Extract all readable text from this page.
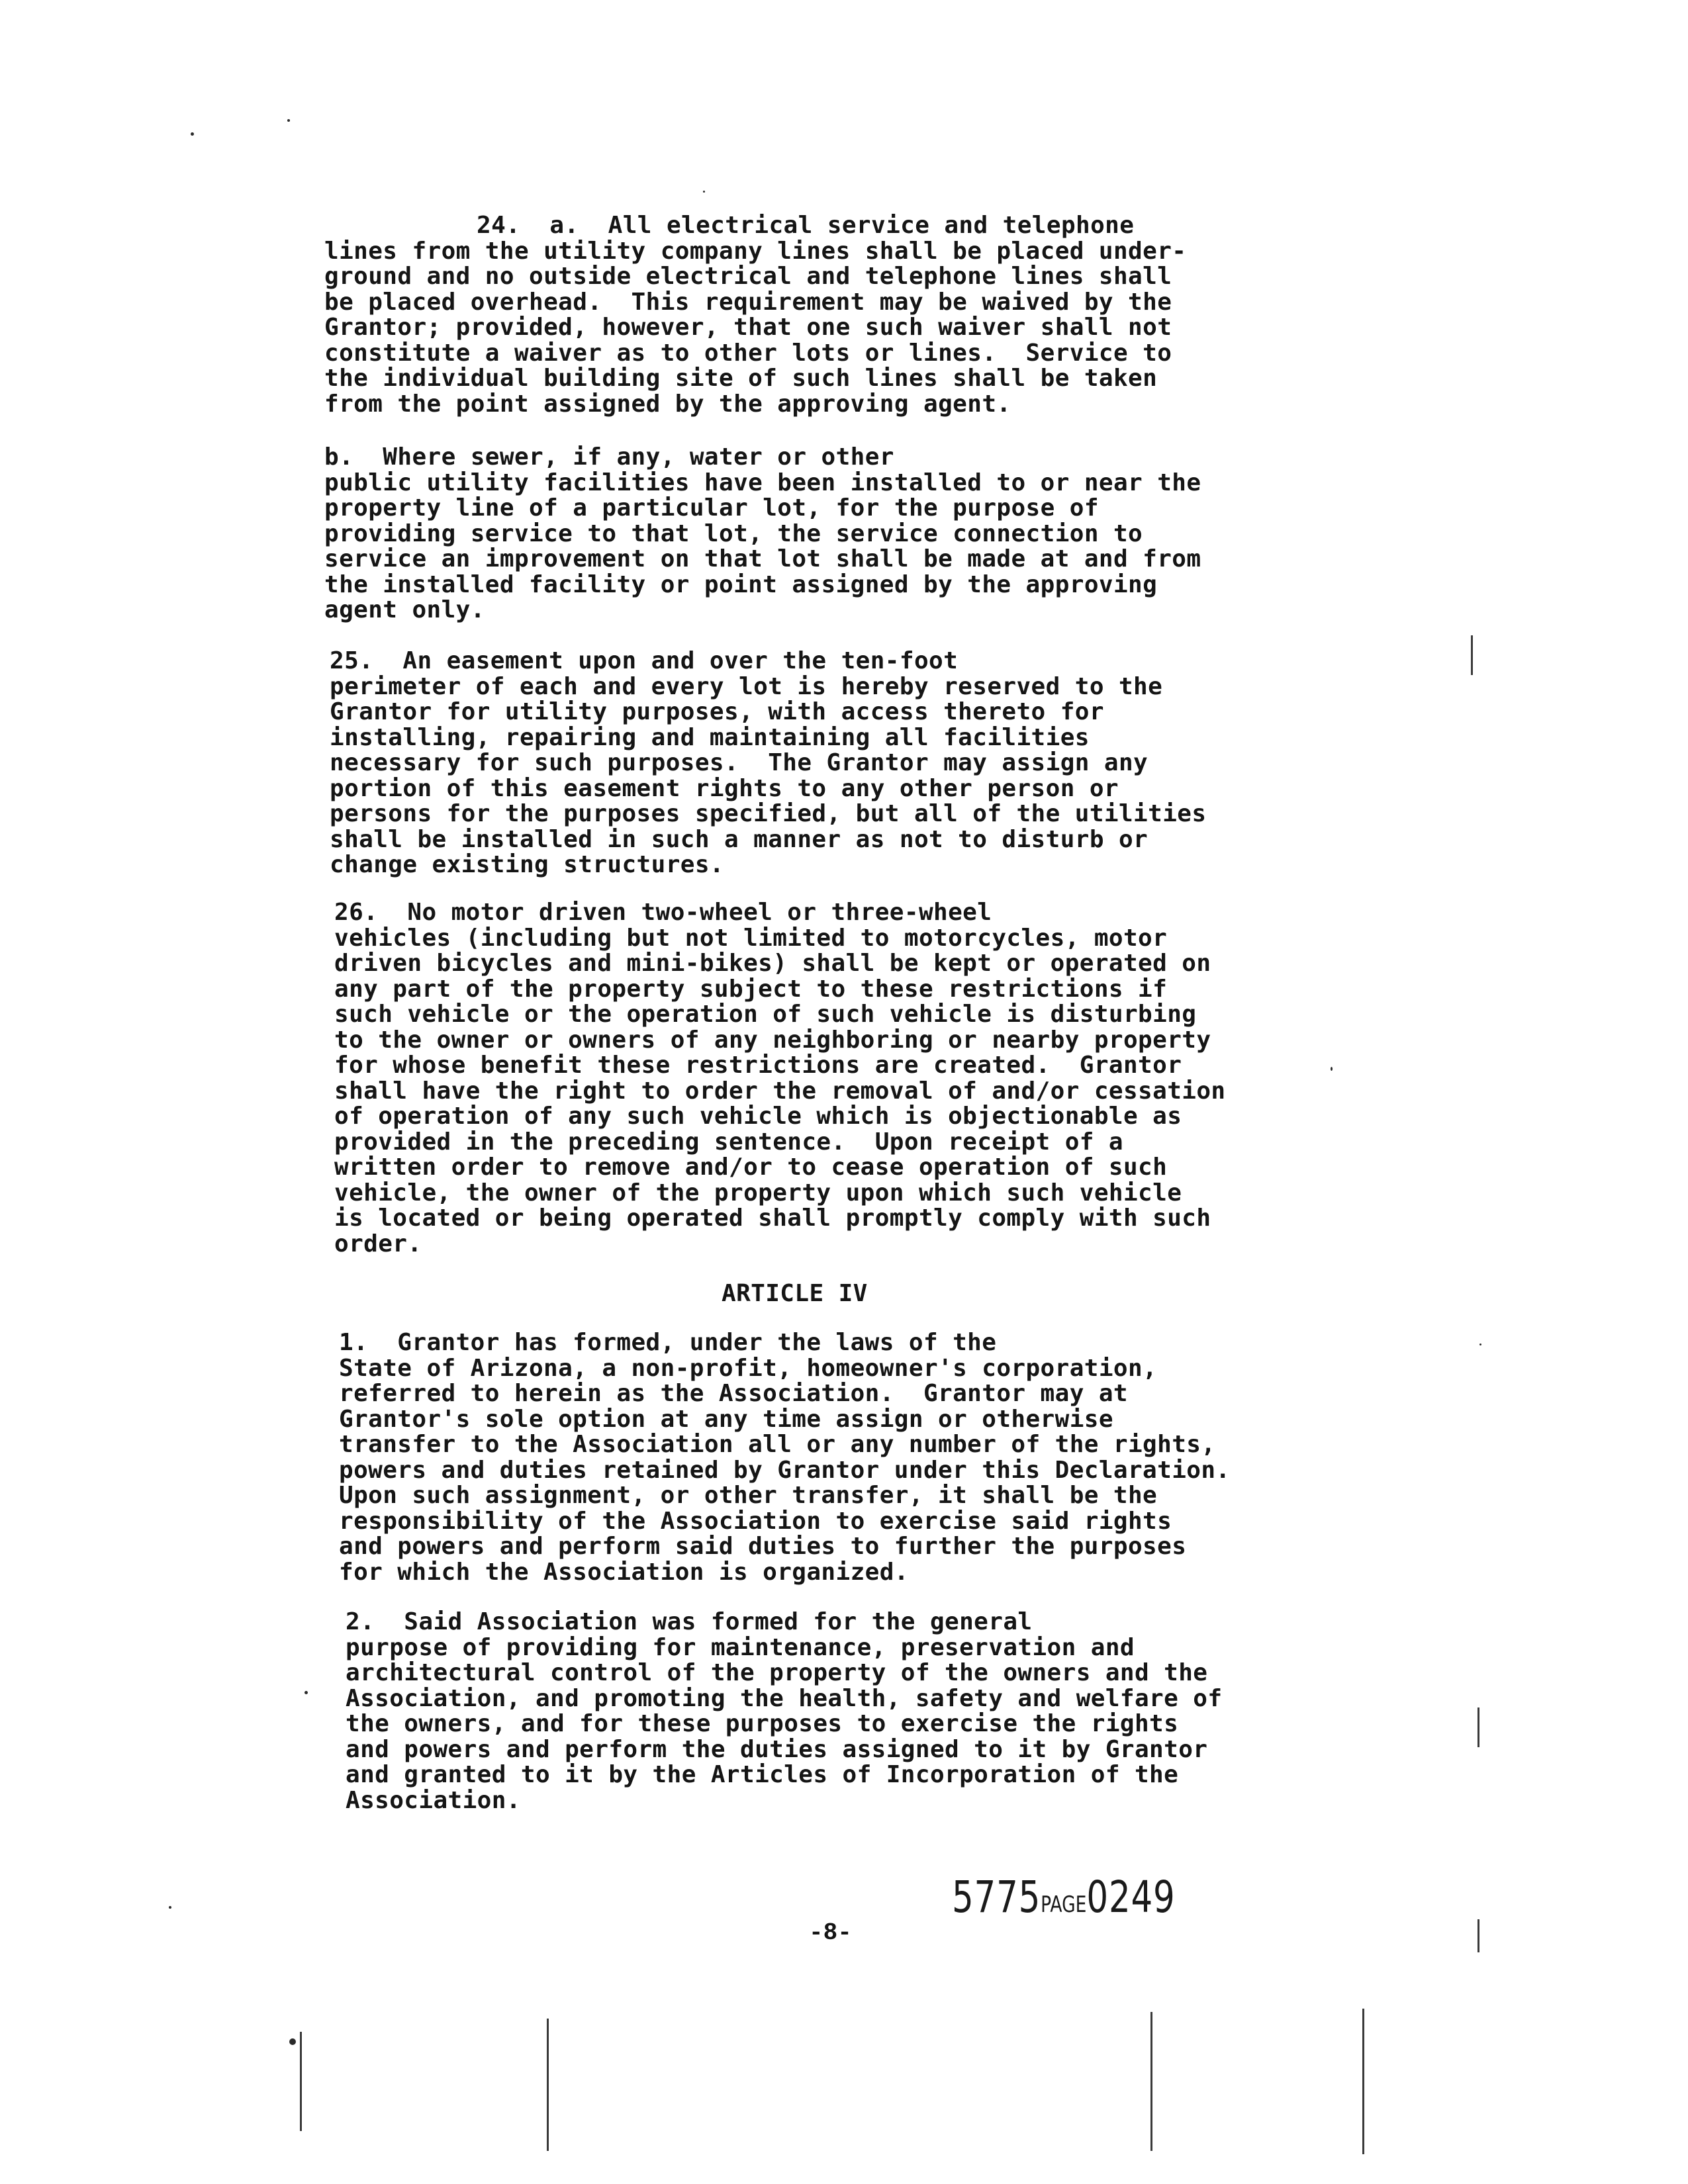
24.  a.  All electrical service and telephone
lines from the utility company lines shall be placed under-
ground and no outside electrical and telephone lines shall
be placed overhead.  This requirement may be waived by the
Grantor; provided, however, that one such waiver shall not
constitute a waiver as to other lots or lines.  Service to
the individual building site of such lines shall be taken
from the point assigned by the approving agent.
b.  Where sewer, if any, water or other
public utility facilities have been installed to or near the
property line of a particular lot, for the purpose of
providing service to that lot, the service connection to
service an improvement on that lot shall be made at and from
the installed facility or point assigned by the approving
agent only.
25.  An easement upon and over the ten-foot
perimeter of each and every lot is hereby reserved to the
Grantor for utility purposes, with access thereto for
installing, repairing and maintaining all facilities
necessary for such purposes.  The Grantor may assign any
portion of this easement rights to any other person or
persons for the purposes specified, but all of the utilities
shall be installed in such a manner as not to disturb or
change existing structures.
26.  No motor driven two-wheel or three-wheel
vehicles (including but not limited to motorcycles, motor
driven bicycles and mini-bikes) shall be kept or operated on
any part of the property subject to these restrictions if
such vehicle or the operation of such vehicle is disturbing
to the owner or owners of any neighboring or nearby property
for whose benefit these restrictions are created.  Grantor
shall have the right to order the removal of and/or cessation
of operation of any such vehicle which is objectionable as
provided in the preceding sentence.  Upon receipt of a
written order to remove and/or to cease operation of such
vehicle, the owner of the property upon which such vehicle
is located or being operated shall promptly comply with such
order.
ARTICLE IV
1.  Grantor has formed, under the laws of the
State of Arizona, a non-profit, homeowner's corporation,
referred to herein as the Association.  Grantor may at
Grantor's sole option at any time assign or otherwise
transfer to the Association all or any number of the rights,
powers and duties retained by Grantor under this Declaration.
Upon such assignment, or other transfer, it shall be the
responsibility of the Association to exercise said rights
and powers and perform said duties to further the purposes
for which the Association is organized.
2.  Said Association was formed for the general
purpose of providing for maintenance, preservation and
architectural control of the property of the owners and the
Association, and promoting the health, safety and welfare of
the owners, and for these purposes to exercise the rights
and powers and perform the duties assigned to it by Grantor
and granted to it by the Articles of Incorporation of the
Association.
-8-
5775PAGE0249
